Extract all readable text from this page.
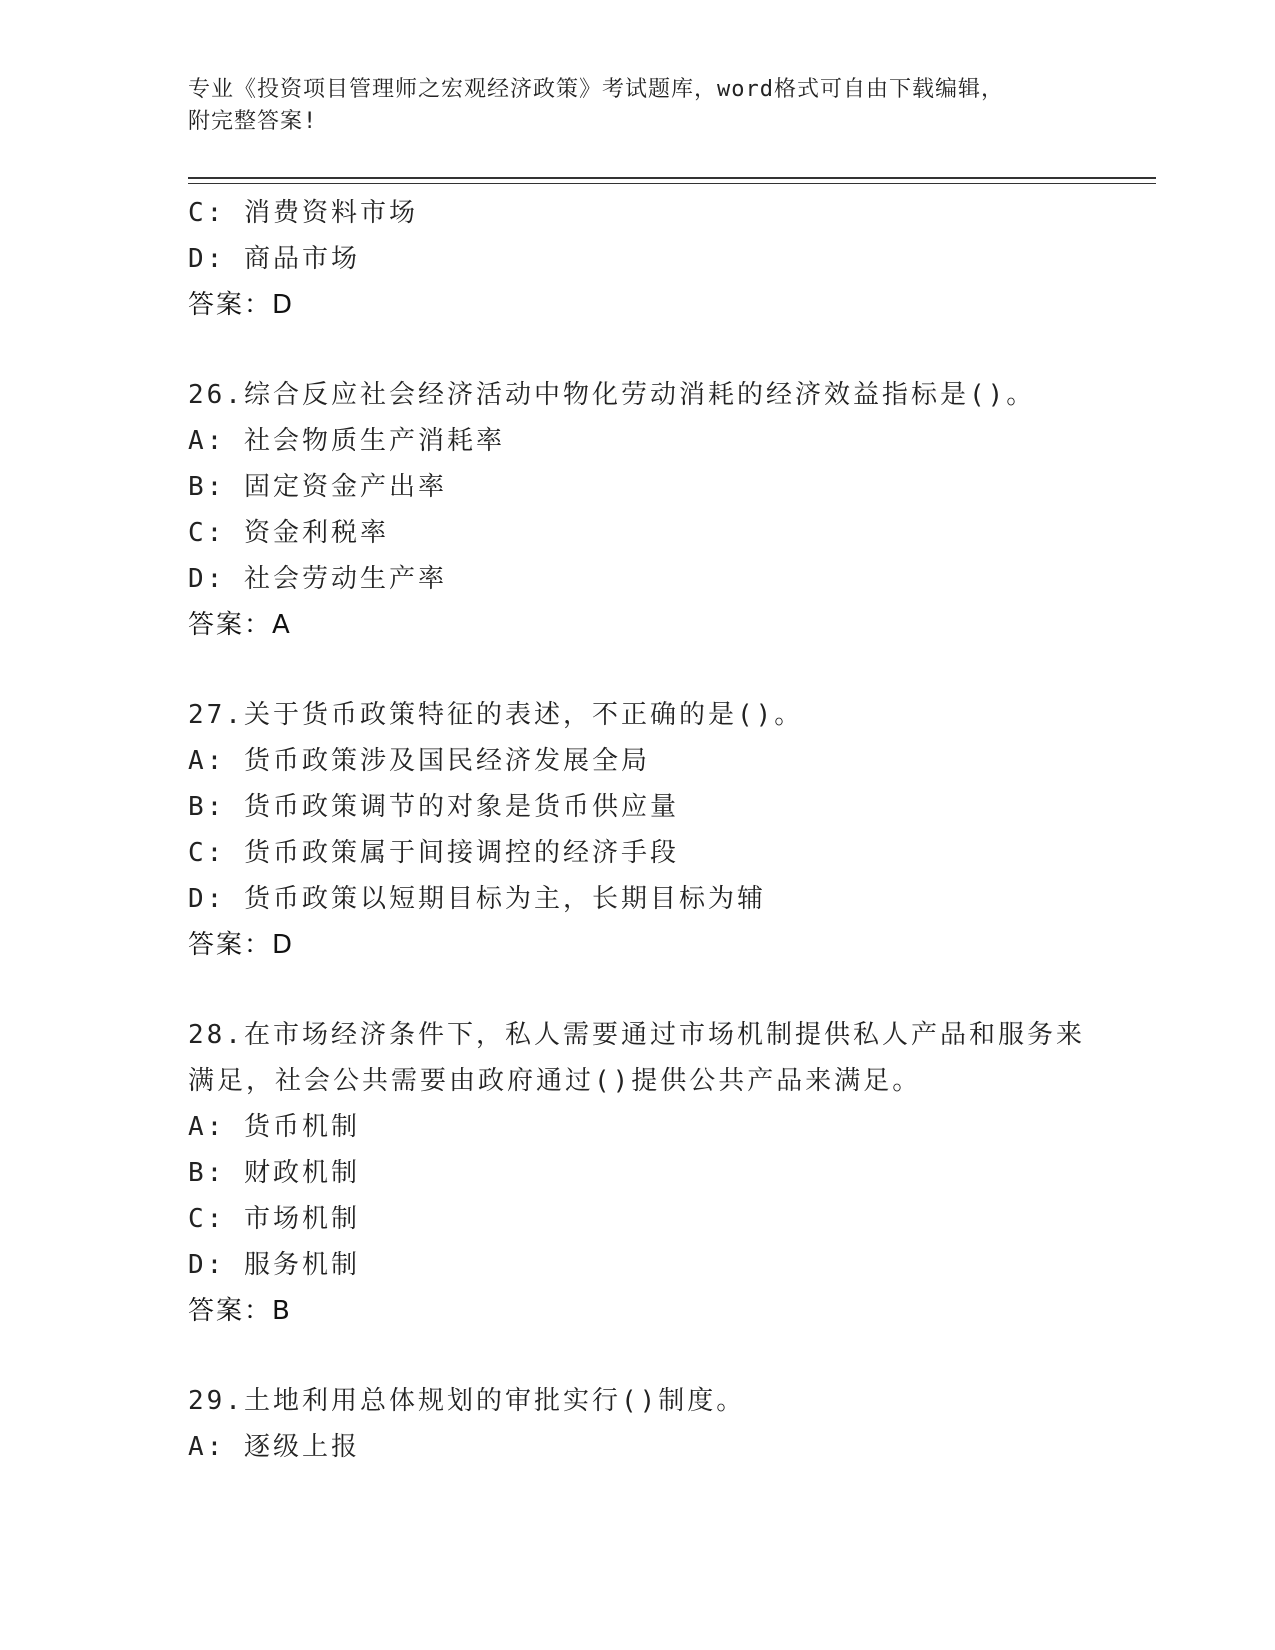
专业《投资项目管理师之宏观经济政策》考试题库，word格式可自由下载编辑，
附完整答案!
C: 消费资料市场
D: 商品市场
答案：D
26.综合反应社会经济活动中物化劳动消耗的经济效益指标是()。
A: 社会物质生产消耗率
B: 固定资金产出率
C: 资金利税率
D: 社会劳动生产率
答案：A
27.关于货币政策特征的表述，不正确的是()。
A: 货币政策涉及国民经济发展全局
B: 货币政策调节的对象是货币供应量
C: 货币政策属于间接调控的经济手段
D: 货币政策以短期目标为主，长期目标为辅
答案：D
28.在市场经济条件下，私人需要通过市场机制提供私人产品和服务来
满足，社会公共需要由政府通过()提供公共产品来满足。
A: 货币机制
B: 财政机制
C: 市场机制
D: 服务机制
答案：B
29.土地利用总体规划的审批实行()制度。
A: 逐级上报
